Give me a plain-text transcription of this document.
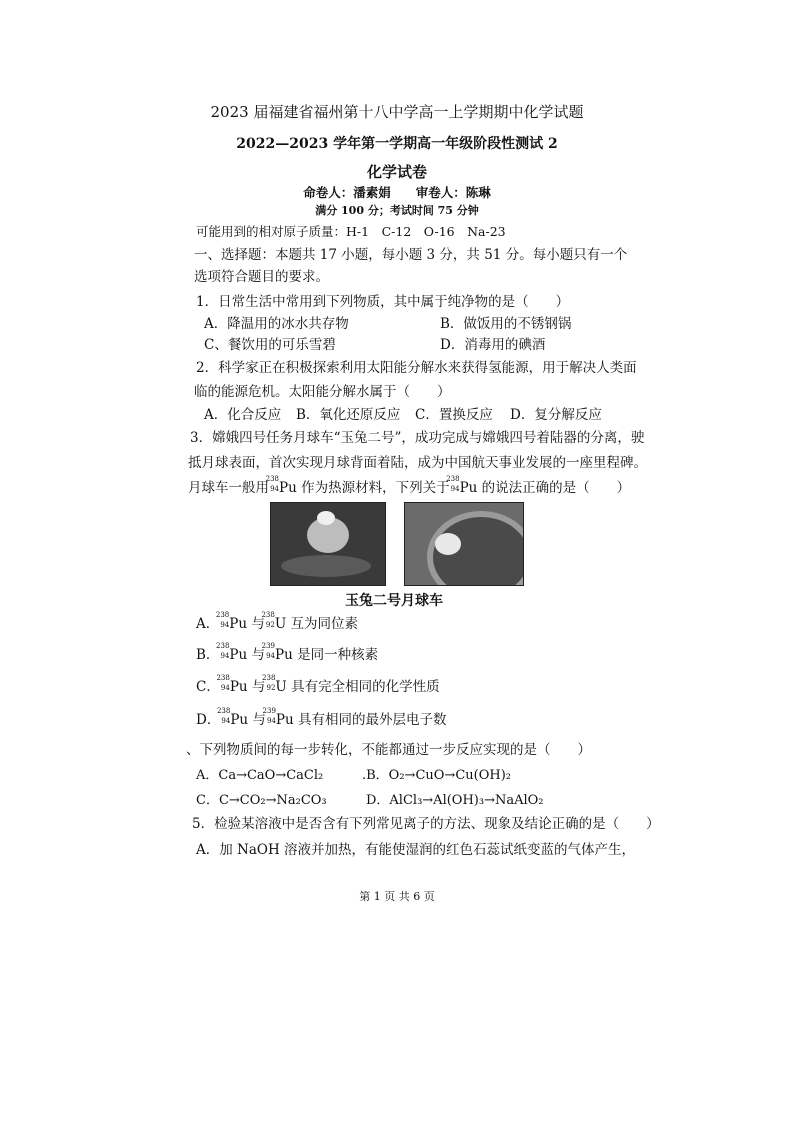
2023 届福建省福州第十八中学高一上学期期中化学试题
2022—2023 学年第一学期高一年级阶段性测试 2
化学试卷
命卷人：潘素娟　　审卷人：陈琳
满分 100 分；考试时间 75 分钟
可能用到的相对原子质量：H-1　C-12　O-16　Na-23
一、选择题：本题共 17 小题，每小题 3 分，共 51 分。每小题只有一个
选项符合题目的要求。
1．日常生活中常用到下列物质，其中属于纯净物的是（　　）
A．降温用的冰水共存物	B．做饭用的不锈钢锅
C、餐饮用的可乐雪碧	D．消毒用的碘酒
2．科学家正在积极探索利用太阳能分解水来获得氢能源，用于解决人类面
临的能源危机。太阳能分解水属于（　　）
A．化合反应 B．氧化还原反应 C．置换反应 D．复分解反应
3．嫦娥四号任务月球车“玉兔二号”，成功完成与嫦娥四号着陆器的分离，驶
抵月球表面，首次实现月球背面着陆，成为中国航天事业发展的一座里程碑。
月球车一般用
238
94 Pu 作为热源材料，下列关于
238
94 Pu 的说法正确的是（　　）
玉兔二号月球车
A．
238
94 Pu 与
238
92 U 互为同位素
B．
238
94 Pu 与
239
94 Pu 是同一种核素
C．
238
94 Pu 与
238
92 U 具有完全相同的化学性质
D．
238
94 Pu 与
239
94 Pu 具有相同的最外层电子数
、下列物质间的每一步转化，不能都通过一步反应实现的是（　　）
A．Ca→CaO→CaCl₂	.B．O₂→CuO→Cu(OH)₂
C．C→CO₂→Na₂CO₃	D．AlCl₃→Al(OH)₃→NaAlO₂
5．检验某溶液中是否含有下列常见离子的方法、现象及结论正确的是（　　）
A．加 NaOH 溶液并加热，有能使湿润的红色石蕊试纸变蓝的气体产生，
第 1 页 共 6 页
